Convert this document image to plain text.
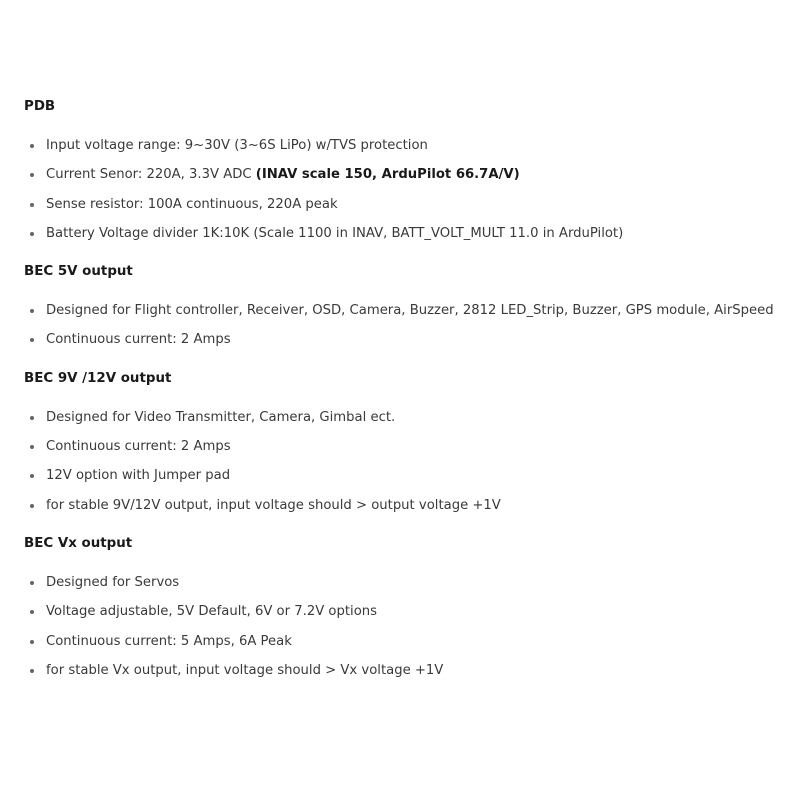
PDB
Input voltage range: 9~30V (3~6S LiPo) w/TVS protection
Current Senor: 220A, 3.3V ADC (INAV scale 150, ArduPilot 66.7A/V)
Sense resistor: 100A continuous, 220A peak
Battery Voltage divider 1K:10K (Scale 1100 in INAV, BATT_VOLT_MULT 11.0 in ArduPilot)
BEC 5V output
Designed for Flight controller, Receiver, OSD, Camera, Buzzer, 2812 LED_Strip, Buzzer, GPS module, AirSpeed
Continuous current: 2 Amps
BEC 9V /12V output
Designed for Video Transmitter, Camera, Gimbal ect.
Continuous current: 2 Amps
12V option with Jumper pad
for stable 9V/12V output, input voltage should > output voltage +1V
BEC Vx output
Designed for Servos
Voltage adjustable, 5V Default, 6V or 7.2V options
Continuous current: 5 Amps, 6A Peak
for stable Vx output, input voltage should > Vx voltage +1V
